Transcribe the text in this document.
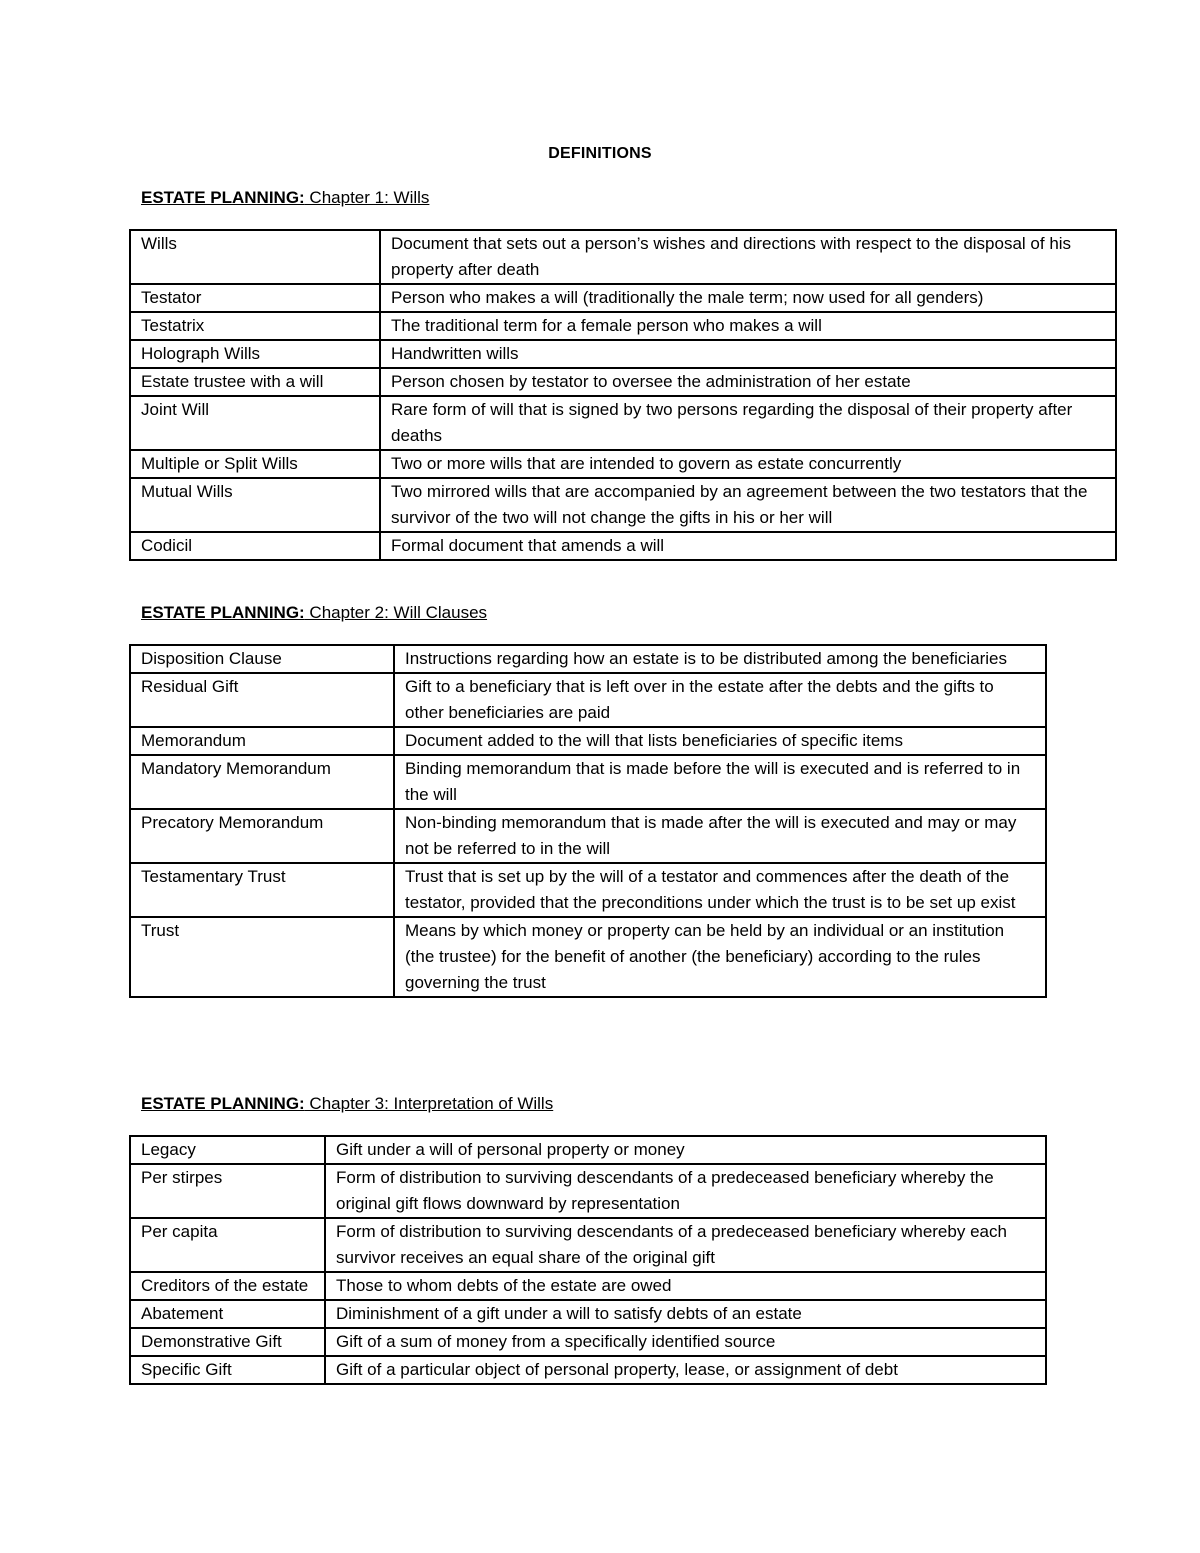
DEFINITIONS
ESTATE PLANNING: Chapter 1: Wills
Wills	Document that sets out a person’s wishes and directions with respect to the disposal of his property after death
Testator	Person who makes a will (traditionally the male term; now used for all genders)
Testatrix	The traditional term for a female person who makes a will
Holograph Wills	Handwritten wills
Estate trustee with a will	Person chosen by testator to oversee the administration of her estate
Joint Will	Rare form of will that is signed by two persons regarding the disposal of their property after deaths
Multiple or Split Wills	Two or more wills that are intended to govern as estate concurrently
Mutual Wills	Two mirrored wills that are accompanied by an agreement between the two testators that the survivor of the two will not change the gifts in his or her will
Codicil	Formal document that amends a will
ESTATE PLANNING: Chapter 2: Will Clauses
Disposition Clause	Instructions regarding how an estate is to be distributed among the beneficiaries
Residual Gift	Gift to a beneficiary that is left over in the estate after the debts and the gifts to other beneficiaries are paid
Memorandum	Document added to the will that lists beneficiaries of specific items
Mandatory Memorandum	Binding memorandum that is made before the will is executed and is referred to in the will
Precatory Memorandum	Non-binding memorandum that is made after the will is executed and may or may not be referred to in the will
Testamentary Trust	Trust that is set up by the will of a testator and commences after the death of the testator, provided that the preconditions under which the trust is to be set up exist
Trust	Means by which money or property can be held by an individual or an institution (the trustee) for the benefit of another (the beneficiary) according to the rules governing the trust
ESTATE PLANNING: Chapter 3: Interpretation of Wills
Legacy	Gift under a will of personal property or money
Per stirpes	Form of distribution to surviving descendants of a predeceased beneficiary whereby the original gift flows downward by representation
Per capita	Form of distribution to surviving descendants of a predeceased beneficiary whereby each survivor receives an equal share of the original gift
Creditors of the estate	Those to whom debts of the estate are owed
Abatement	Diminishment of a gift under a will to satisfy debts of an estate
Demonstrative Gift	Gift of a sum of money from a specifically identified source
Specific Gift	Gift of a particular object of personal property, lease, or assignment of debt
